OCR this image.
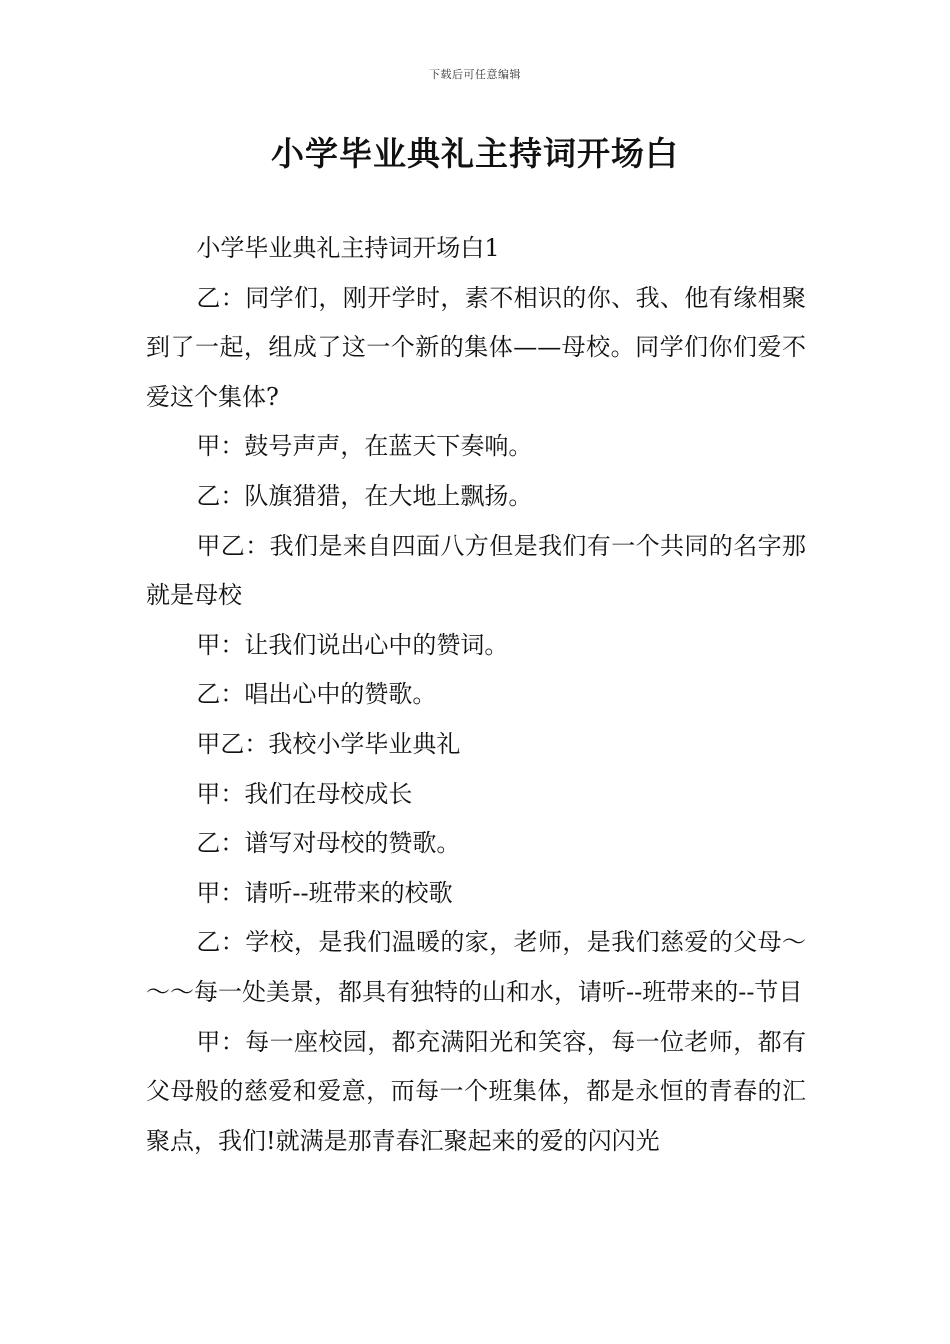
下载后可任意编辑
小学毕业典礼主持词开场白

小学毕业典礼主持词开场白1

乙：同学们，刚开学时，素不相识的你、我、他有缘相聚到了一起，组成了这一个新的集体——母校。同学们你们爱不爱这个集体?

甲：鼓号声声，在蓝天下奏响。

乙：队旗猎猎，在大地上飘扬。

甲乙：我们是来自四面八方但是我们有一个共同的名字那就是母校

甲：让我们说出心中的赞词。

乙：唱出心中的赞歌。

甲乙：我校小学毕业典礼

甲：我们在母校成长

乙：谱写对母校的赞歌。

甲：请听--班带来的校歌

乙：学校，是我们温暖的家，老师，是我们慈爱的父母～～～每一处美景，都具有独特的山和水，请听--班带来的--节目

甲：每一座校园，都充满阳光和笑容，每一位老师，都有父母般的慈爱和爱意，而每一个班集体，都是永恒的青春的汇聚点，我们!就满是那青春汇聚起来的爱的闪闪光
